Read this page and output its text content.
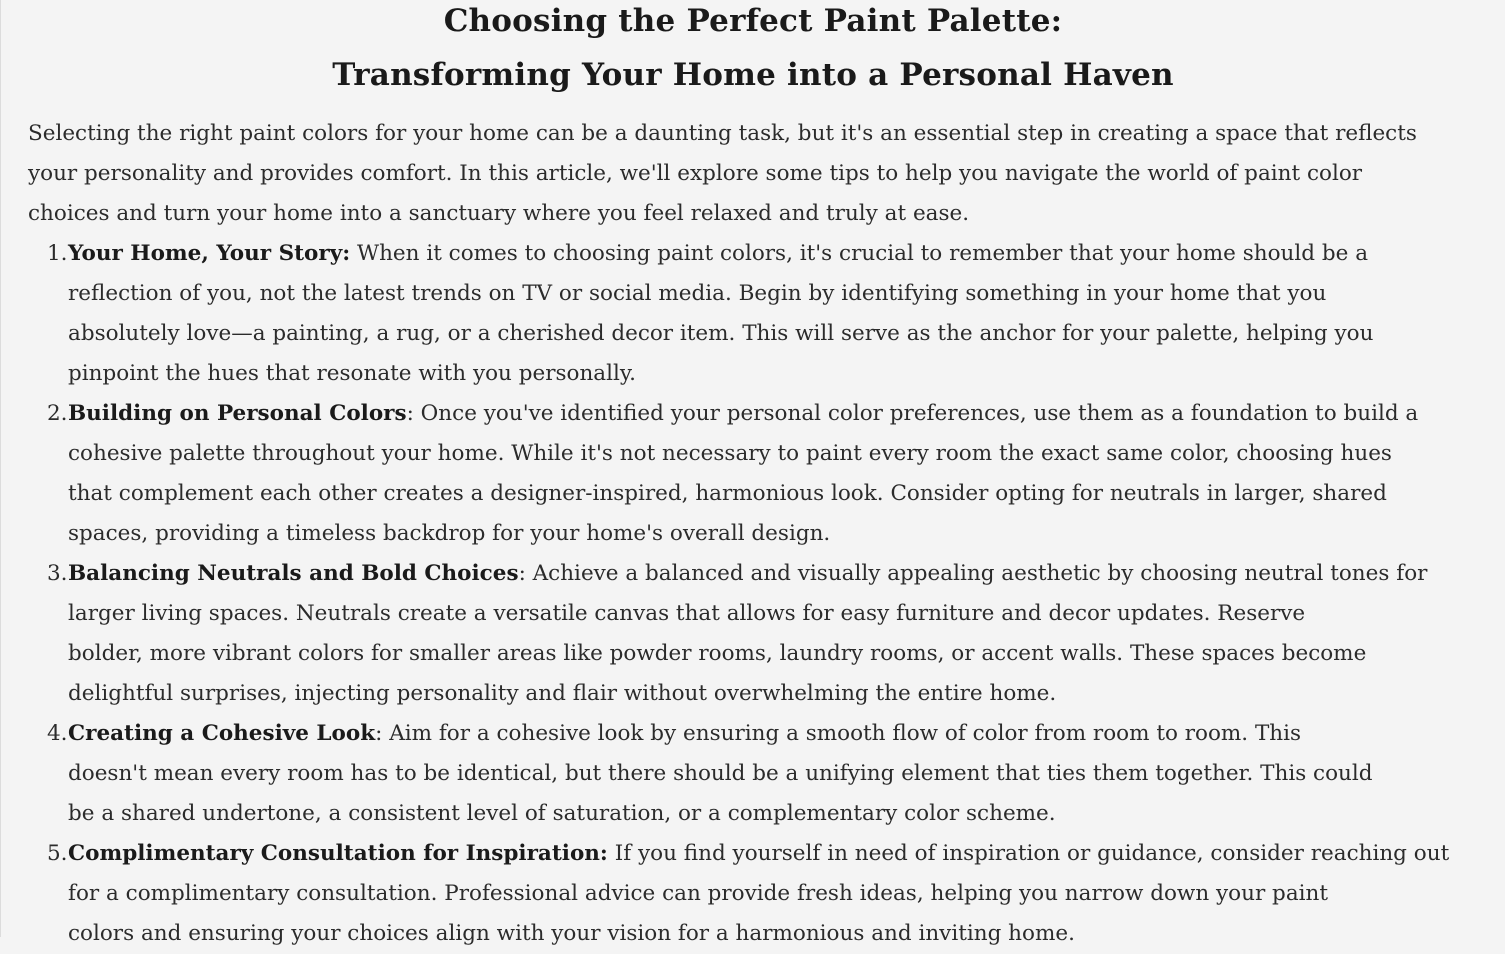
Choosing the Perfect Paint Palette:
Transforming Your Home into a Personal Haven

Selecting the right paint colors for your home can be a daunting task, but it's an essential step in creating a space that reflects
your personality and provides comfort. In this article, we'll explore some tips to help you navigate the world of paint color
choices and turn your home into a sanctuary where you feel relaxed and truly at ease.

1. Your Home, Your Story: When it comes to choosing paint colors, it's crucial to remember that your home should be a
reflection of you, not the latest trends on TV or social media. Begin by identifying something in your home that you
absolutely love—a painting, a rug, or a cherished decor item. This will serve as the anchor for your palette, helping you
pinpoint the hues that resonate with you personally.
2. Building on Personal Colors: Once you've identified your personal color preferences, use them as a foundation to build a
cohesive palette throughout your home. While it's not necessary to paint every room the exact same color, choosing hues
that complement each other creates a designer-inspired, harmonious look. Consider opting for neutrals in larger, shared
spaces, providing a timeless backdrop for your home's overall design.
3. Balancing Neutrals and Bold Choices: Achieve a balanced and visually appealing aesthetic by choosing neutral tones for
larger living spaces. Neutrals create a versatile canvas that allows for easy furniture and decor updates. Reserve
bolder, more vibrant colors for smaller areas like powder rooms, laundry rooms, or accent walls. These spaces become
delightful surprises, injecting personality and flair without overwhelming the entire home.
4. Creating a Cohesive Look: Aim for a cohesive look by ensuring a smooth flow of color from room to room. This
doesn't mean every room has to be identical, but there should be a unifying element that ties them together. This could
be a shared undertone, a consistent level of saturation, or a complementary color scheme.
5. Complimentary Consultation for Inspiration: If you find yourself in need of inspiration or guidance, consider reaching out
for a complimentary consultation. Professional advice can provide fresh ideas, helping you narrow down your paint
colors and ensuring your choices align with your vision for a harmonious and inviting home.
